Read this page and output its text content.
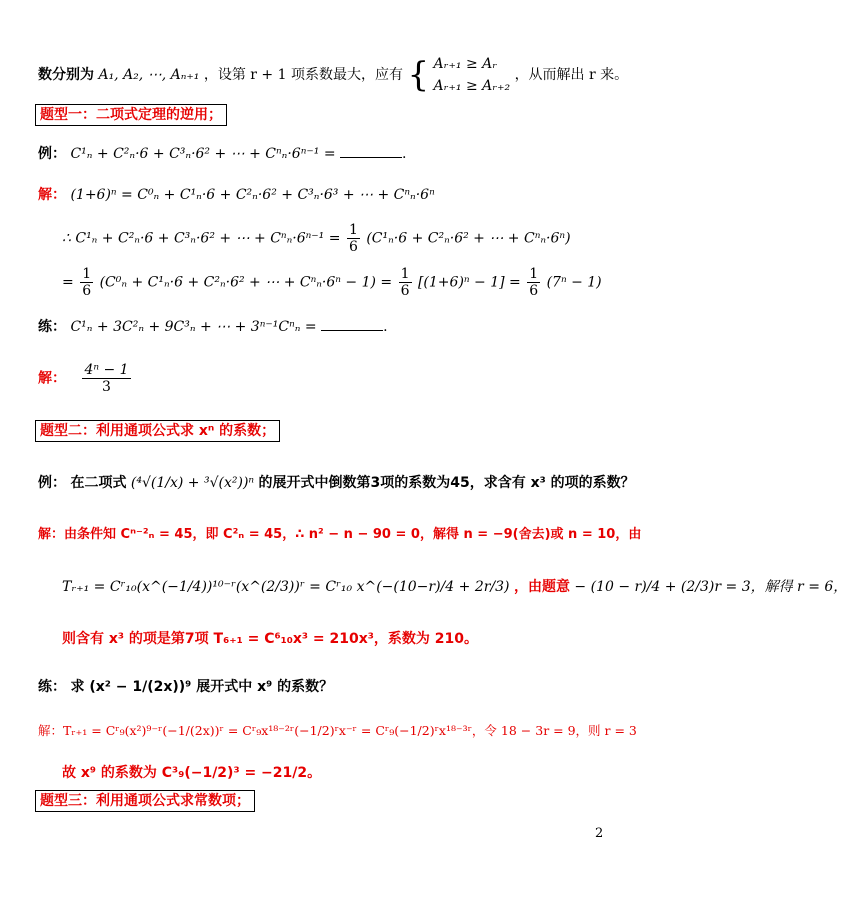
数分别为 A₁, A₂, ⋯, Aₙ₊₁ ，设第 r + 1 项系数最大，应有 { Aᵣ₊₁ ≥ Aᵣ
Aᵣ₊₁ ≥ Aᵣ₊₂
，从而解出 r 来。
题型一：二项式定理的逆用；
例： C¹ₙ + C²ₙ·6 + C³ₙ·6² + ⋯ + Cⁿₙ·6ⁿ⁻¹ =	.
解： (1+6)ⁿ = C⁰ₙ + C¹ₙ·6 + C²ₙ·6² + C³ₙ·6³ + ⋯ + Cⁿₙ·6ⁿ
∴ C¹ₙ + C²ₙ·6 + C³ₙ·6² + ⋯ + $C^n_n\cdot 6^{n-1} = \frac{1}{6} (C^1_n\cdot 6 + C^2_n\cdot 6^2$ + ⋯ + Cⁿₙ·6ⁿ)
= $\frac{1}{6} (C^0_n + C^1_n\cdot 6 + C^2_n\cdot 6^2$ + ⋯ + $C^n_n\cdot 6^n - 1) = \frac{1}{6} [(1+6)^n - 1] = \frac{1}{6} (7^n - 1)$
练： C¹ₙ + 3C²ₙ + 9C³ₙ + ⋯ + 3ⁿ⁻¹Cⁿₙ =	.
解： $\frac{\text{4ⁿ − 1}}{3}$
题型二：利用通项公式求 xⁿ 的系数；
例： 在二项式 (⁴√(1/x) + ³√(x²))ⁿ 的展开式中倒数第3项的系数为45，求含有 x³ 的项的系数？
解：由条件知 Cⁿ⁻²ₙ = 45，即 C²ₙ = 45，∴ n² − n − 90 = 0，解得 n = −9(舍去)或 n = 10，由
Tᵣ₊₁ = Cʳ₁₀(x^(−1/4))¹⁰⁻ʳ(x^(2/3))ʳ = Cʳ₁₀ x^(−(10−r)/4 + 2r/3) ，由题意 − (10 − r)/4 + (2/3)r = 3，解得 r = 6，
则含有 x³ 的项是第7项 T₆₊₁ = C⁶₁₀x³ = 210x³，系数为 210。
练： 求 (x² − 1/(2x))⁹ 展开式中 x⁹ 的系数？
解：Tᵣ₊₁ = Cʳ₉(x²)⁹⁻ʳ(−1/(2x))ʳ = Cʳ₉x¹⁸⁻²ʳ(−1/2)ʳx⁻ʳ = Cʳ₉(−1/2)ʳx¹⁸⁻³ʳ，令 18 − 3r = 9，则 r = 3
故 x⁹ 的系数为 C³₉(−1/2)³ = −21/2。
题型三：利用通项公式求常数项；
2
